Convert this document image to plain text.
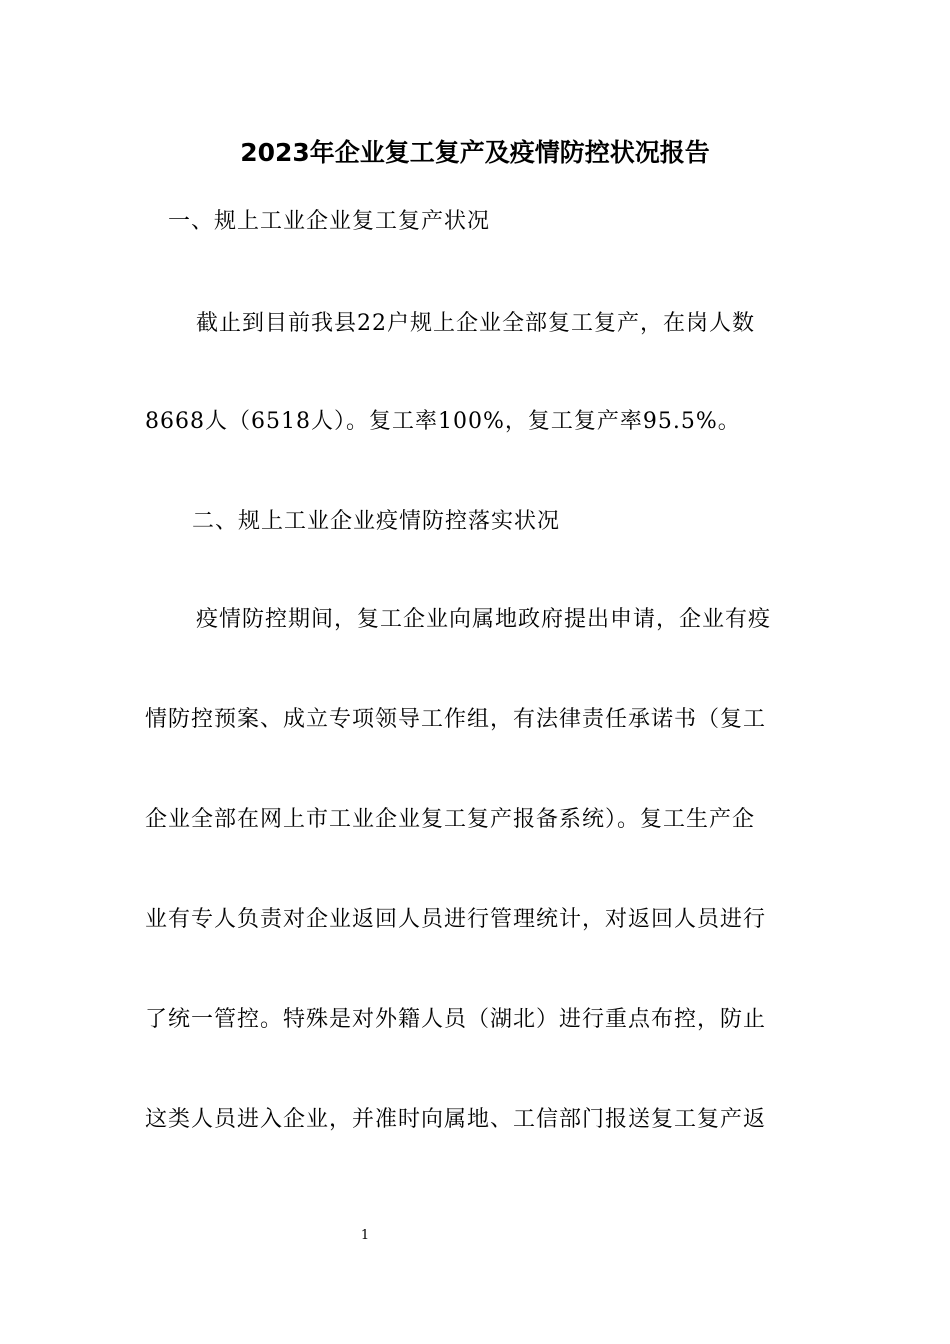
2023年企业复工复产及疫情防控状况报告
一、规上工业企业复工复产状况
截止到目前我县22户规上企业全部复工复产，在岗人数
8668人（6518人）。复工率100%，复工复产率95.5%。
二、规上工业企业疫情防控落实状况
疫情防控期间，复工企业向属地政府提出申请，企业有疫
情防控预案、成立专项领导工作组，有法律责任承诺书（复工
企业全部在网上市工业企业复工复产报备系统）。复工生产企
业有专人负责对企业返回人员进行管理统计，对返回人员进行
了统一管控。特殊是对外籍人员（湖北）进行重点布控，防止
这类人员进入企业，并准时向属地、工信部门报送复工复产返
1
